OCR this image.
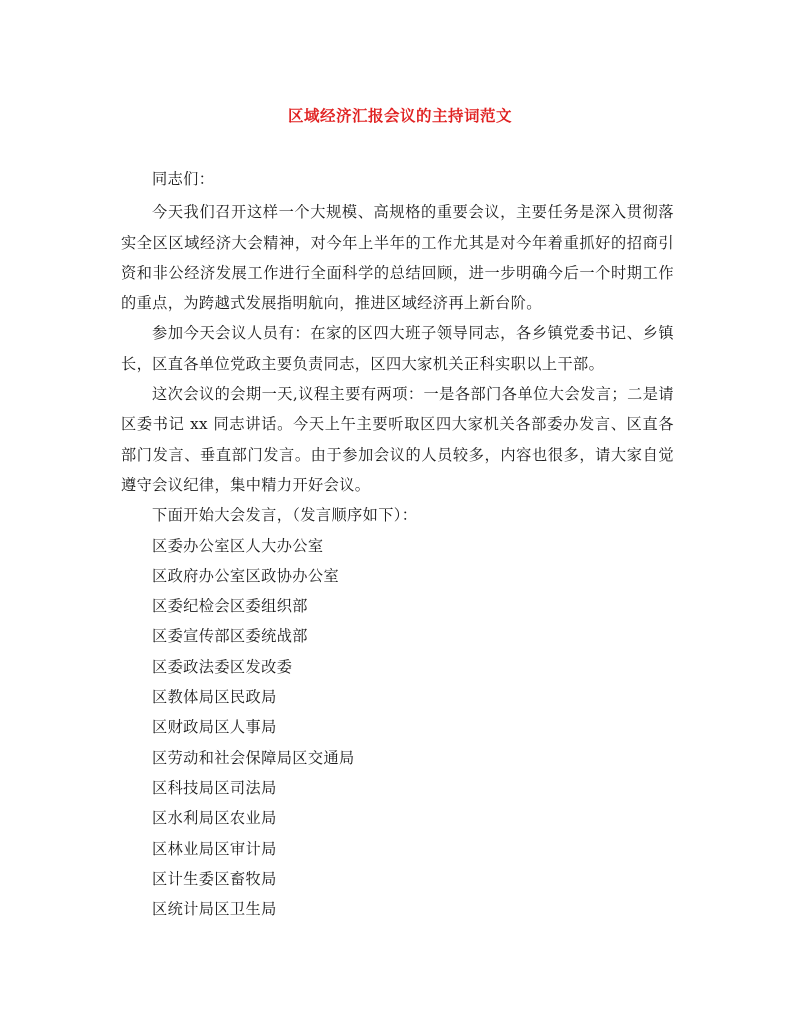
区域经济汇报会议的主持词范文

同志们：

今天我们召开这样一个大规模、高规格的重要会议，主要任务是深入贯彻落实全区区域经济大会精神，对今年上半年的工作尤其是对今年着重抓好的招商引资和非公经济发展工作进行全面科学的总结回顾，进一步明确今后一个时期工作的重点，为跨越式发展指明航向，推进区域经济再上新台阶。

参加今天会议人员有：在家的区四大班子领导同志，各乡镇党委书记、乡镇长，区直各单位党政主要负责同志，区四大家机关正科实职以上干部。

这次会议的会期一天,议程主要有两项：一是各部门各单位大会发言；二是请区委书记 xx 同志讲话。今天上午主要听取区四大家机关各部委办发言、区直各部门发言、垂直部门发言。由于参加会议的人员较多，内容也很多，请大家自觉遵守会议纪律，集中精力开好会议。

下面开始大会发言，（发言顺序如下）：

区委办公室区人大办公室
区政府办公室区政协办公室
区委纪检会区委组织部
区委宣传部区委统战部
区委政法委区发改委
区教体局区民政局
区财政局区人事局
区劳动和社会保障局区交通局
区科技局区司法局
区水利局区农业局
区林业局区审计局
区计生委区畜牧局
区统计局区卫生局
